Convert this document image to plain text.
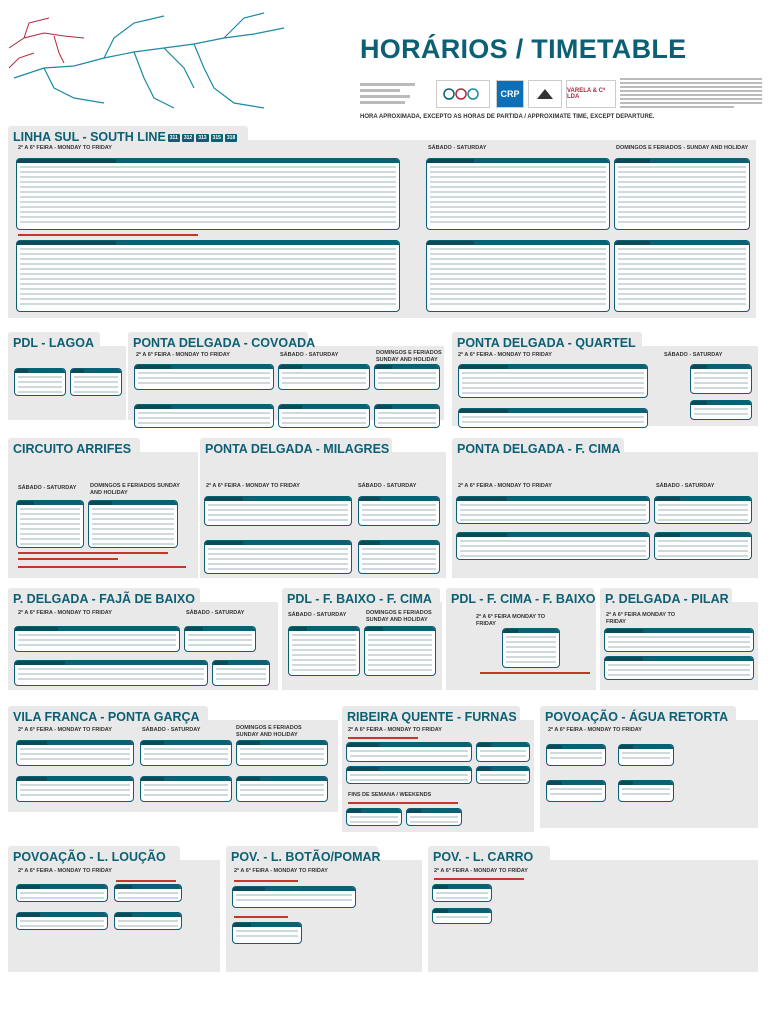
HORÁRIOS / TIMETABLE
CRP	VARELA & Cª LDA
HORA APROXIMADA, EXCEPTO AS HORAS DE PARTIDA / APPROXIMATE TIME, EXCEPT DEPARTURE.
LINHA SUL - SOUTH LINE 311 312 313 315 318
2ª A 6ª FEIRA - MONDAY TO FRIDAY	SÁBADO - SATURDAY	DOMINGOS E FERIADOS - SUNDAY AND HOLIDAY
PDL - LAGOA	PONTA DELGADA - COVOADA
2ª A 6ª FEIRA - MONDAY TO FRIDAY	SÁBADO - SATURDAY	DOMINGOS E FERIADOS SUNDAY AND HOLIDAY
PONTA DELGADA - QUARTEL
2ª A 6ª FEIRA - MONDAY TO FRIDAY	SÁBADO - SATURDAY
CIRCUITO ARRIFES
SÁBADO - SATURDAY DOMINGOS E FERIADOS SUNDAY AND HOLIDAY
PONTA DELGADA - MILAGRES
2ª A 6ª FEIRA - MONDAY TO FRIDAY	SÁBADO - SATURDAY
PONTA DELGADA - F. CIMA
2ª A 6ª FEIRA - MONDAY TO FRIDAY	SÁBADO - SATURDAY
P. DELGADA - FAJÃ DE BAIXO
2ª A 6ª FEIRA - MONDAY TO FRIDAY	SÁBADO - SATURDAY
PDL - F. BAIXO - F. CIMA
SÁBADO - SATURDAY	DOMINGOS E FERIADOS SUNDAY AND HOLIDAY
PDL - F. CIMA - F. BAIXO
2ª A 6ª FEIRA MONDAY TO FRIDAY
P. DELGADA - PILAR
2ª A 6ª FEIRA MONDAY TO FRIDAY
VILA FRANCA - PONTA GARÇA
2ª A 6ª FEIRA - MONDAY TO FRIDAY	SÁBADO - SATURDAY	DOMINGOS E FERIADOS SUNDAY AND HOLIDAY
RIBEIRA QUENTE - FURNAS
2ª A 6ª FEIRA - MONDAY TO FRIDAY
FINS DE SEMANA / WEEKENDS
POVOAÇÃO - ÁGUA RETORTA
2ª A 6ª FEIRA - MONDAY TO FRIDAY
POVOAÇÃO - L. LOUÇÃO
2ª A 6ª FEIRA - MONDAY TO FRIDAY
POV. - L. BOTÃO/POMAR
2ª A 6ª FEIRA - MONDAY TO FRIDAY
POV. - L. CARRO
2ª A 6ª FEIRA - MONDAY TO FRIDAY
